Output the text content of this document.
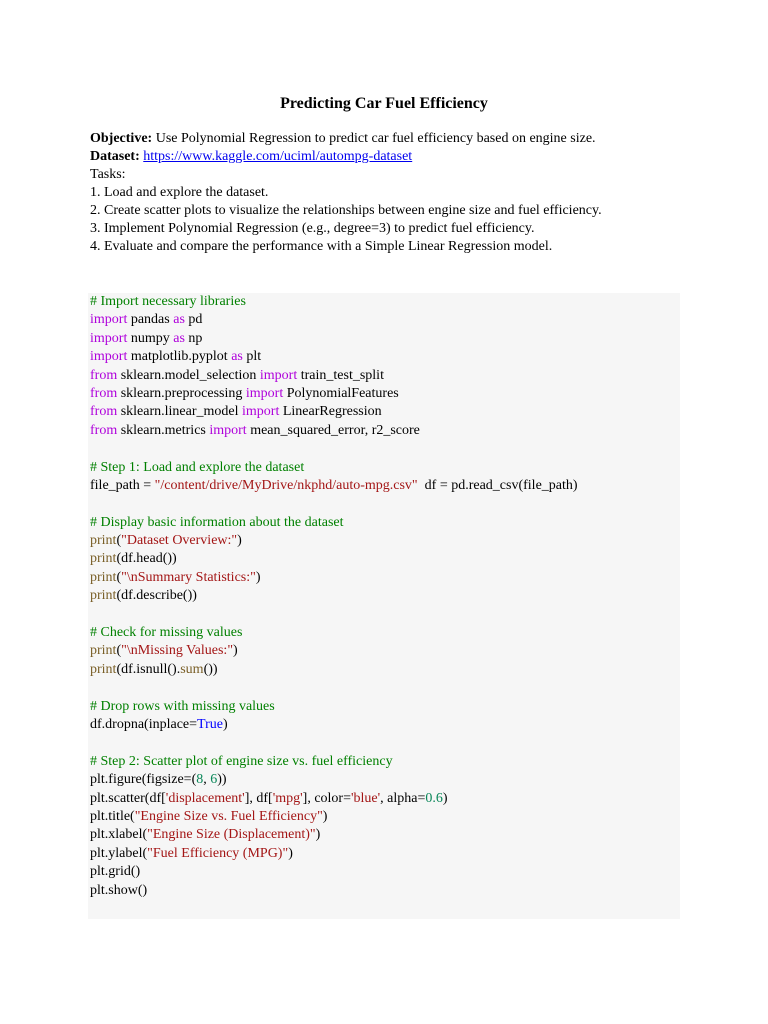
Predicting Car Fuel Efficiency
Objective: Use Polynomial Regression to predict car fuel efficiency based on engine size.
Dataset: https://www.kaggle.com/uciml/autompg-dataset
Tasks:
1. Load and explore the dataset.
2. Create scatter plots to visualize the relationships between engine size and fuel efficiency.
3. Implement Polynomial Regression (e.g., degree=3) to predict fuel efficiency.
4. Evaluate and compare the performance with a Simple Linear Regression model.
# Import necessary libraries
import pandas as pd
import numpy as np
import matplotlib.pyplot as plt
from sklearn.model_selection import train_test_split
from sklearn.preprocessing import PolynomialFeatures
from sklearn.linear_model import LinearRegression
from sklearn.metrics import mean_squared_error, r2_score
# Step 1: Load and explore the dataset
file_path = "/content/drive/MyDrive/nkphd/auto-mpg.csv"  df = pd.read_csv(file_path)
# Display basic information about the dataset
print("Dataset Overview:")
print(df.head())
print("\nSummary Statistics:")
print(df.describe())
# Check for missing values
print("\nMissing Values:")
print(df.isnull().sum())
# Drop rows with missing values
df.dropna(inplace=True)
# Step 2: Scatter plot of engine size vs. fuel efficiency
plt.figure(figsize=(8, 6))
plt.scatter(df['displacement'], df['mpg'], color='blue', alpha=0.6)
plt.title("Engine Size vs. Fuel Efficiency")
plt.xlabel("Engine Size (Displacement)")
plt.ylabel("Fuel Efficiency (MPG)")
plt.grid()
plt.show()
